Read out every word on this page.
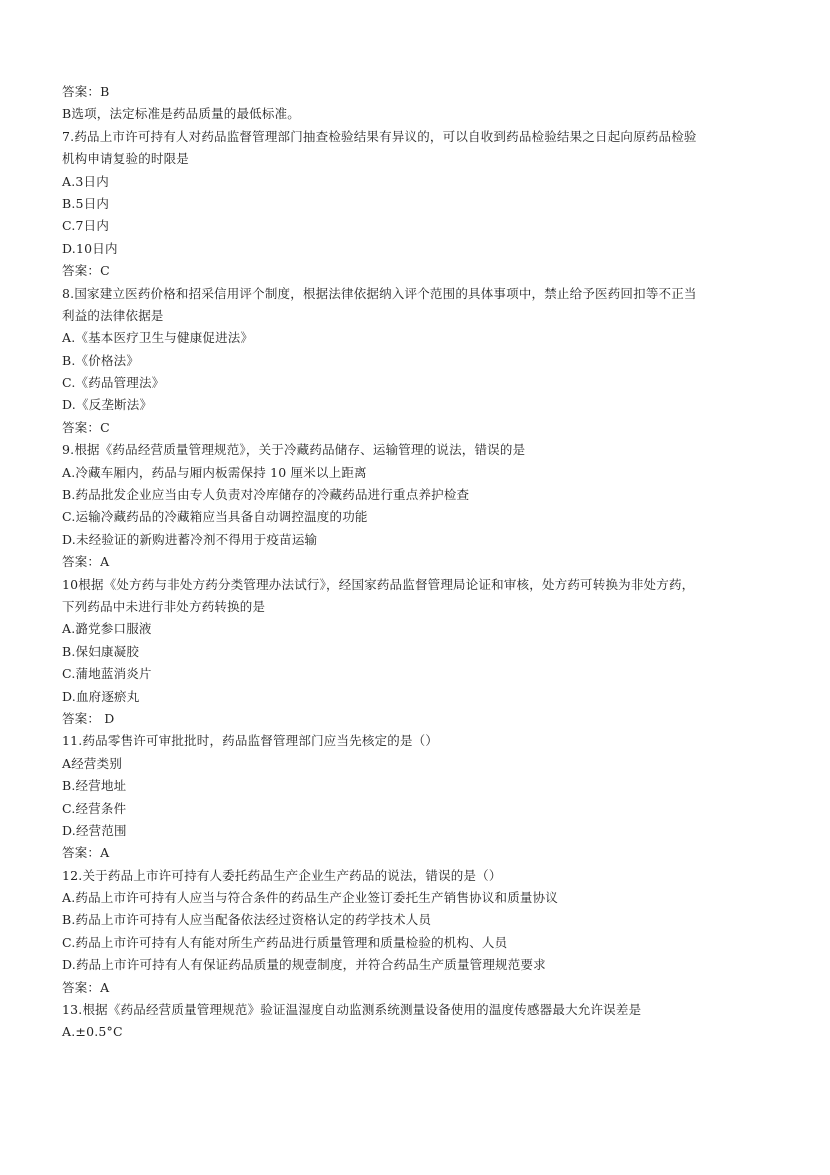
答案：B
B选项，法定标准是药品质量的最低标准。
7.药品上市许可持有人对药品监督管理部门抽查检验结果有异议的，可以自收到药品检验结果之日起向原药品检验
机构申请复验的时限是
A.3日内
B.5日内
C.7日内
D.10日内
答案：C
8.国家建立医药价格和招采信用评个制度，根据法律依据纳入评个范围的具体事项中，禁止给予医药回扣等不正当
利益的法律依据是
A.《基本医疗卫生与健康促进法》
B.《价格法》
C.《药品管理法》
D.《反垄断法》
答案：C
9.根据《药品经营质量管理规范》，关于冷藏药品储存、运输管理的说法，错误的是
A.冷藏车厢内，药品与厢内板需保持 10 厘米以上距离
B.药品批发企业应当由专人负责对冷库储存的冷藏药品进行重点养护检查
C.运输冷藏药品的冷藏箱应当具备自动调控温度的功能
D.未经验证的新购进蓄冷剂不得用于疫苗运输
答案：A
10根据《处方药与非处方药分类管理办法试行》，经国家药品监督管理局论证和审核，处方药可转换为非处方药，
下列药品中未进行非处方药转换的是
A.潞党参口服液
B.保妇康凝胶
C.蒲地蓝消炎片
D.血府逐瘀丸
答案： D
11.药品零售许可审批批时，药品监督管理部门应当先核定的是（）
A经营类别
B.经营地址
C.经营条件
D.经营范围
答案：A
12.关于药品上市许可持有人委托药品生产企业生产药品的说法，错误的是（）
A.药品上市许可持有人应当与符合条件的药品生产企业签订委托生产销售协议和质量协议
B.药品上市许可持有人应当配备依法经过资格认定的药学技术人员
C.药品上市许可持有人有能对所生产药品进行质量管理和质量检验的机构、人员
D.药品上市许可持有人有保证药品质量的规壹制度，并符合药品生产质量管理规范要求
答案：A
13.根据《药品经营质量管理规范》验证温湿度自动监测系统测量设备使用的温度传感器最大允许误差是
A.±0.5°C
